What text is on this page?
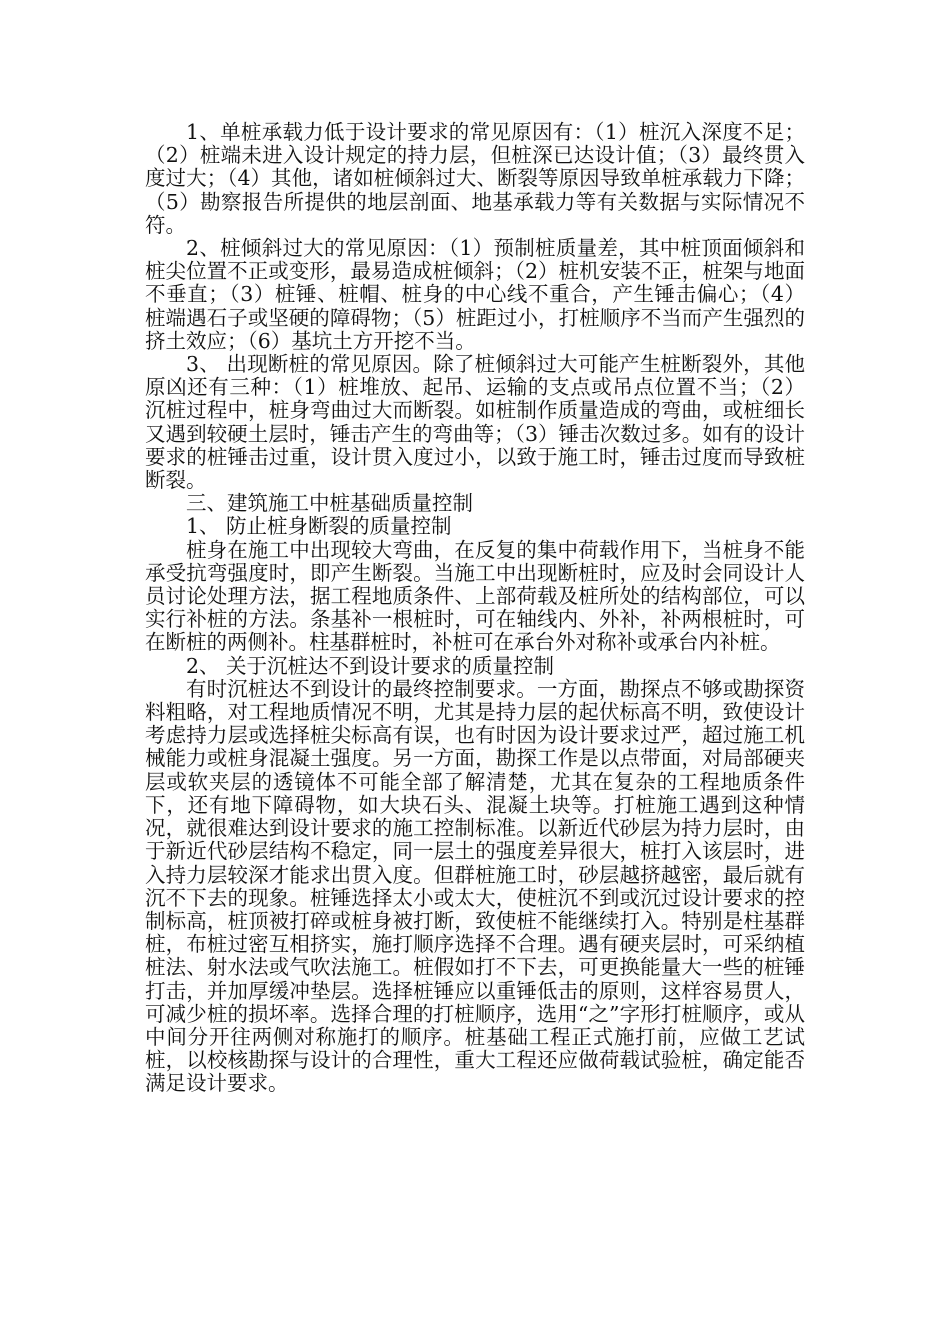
1、单桩承载力低于设计要求的常见原因有：（1）桩沉入深度不足；（2）桩端未进入设计规定的持力层，但桩深已达设计值；（3）最终贯入度过大；（4）其他，诸如桩倾斜过大、断裂等原因导致单桩承载力下降；（5）勘察报告所提供的地层剖面、地基承载力等有关数据与实际情况不符。

2、桩倾斜过大的常见原因：（1）预制桩质量差，其中桩顶面倾斜和桩尖位置不正或变形，最易造成桩倾斜；（2）桩机安装不正，桩架与地面不垂直；（3）桩锤、桩帽、桩身的中心线不重合，产生锤击偏心；（4）桩端遇石子或坚硬的障碍物；（5）桩距过小，打桩顺序不当而产生强烈的挤土效应；（6）基坑土方开挖不当。

3、 出现断桩的常见原因。除了桩倾斜过大可能产生桩断裂外，其他原凶还有三种：（1）桩堆放、起吊、运输的支点或吊点位置不当；（2）沉桩过程中，桩身弯曲过大而断裂。如桩制作质量造成的弯曲，或桩细长又遇到较硬土层时，锤击产生的弯曲等；（3）锤击次数过多。如有的设计要求的桩锤击过重，设计贯入度过小，以致于施工时，锤击过度而导致桩断裂。

三、建筑施工中桩基础质量控制

1、 防止桩身断裂的质量控制

桩身在施工中出现较大弯曲，在反复的集中荷载作用下，当桩身不能承受抗弯强度时，即产生断裂。当施工中出现断桩时，应及时会同设计人员讨论处理方法，据工程地质条件、上部荷载及桩所处的结构部位，可以实行补桩的方法。条基补一根桩时，可在轴线内、外补，补两根桩时，可在断桩的两侧补。柱基群桩时，补桩可在承台外对称补或承台内补桩。

2、 关于沉桩达不到设计要求的质量控制

有时沉桩达不到设计的最终控制要求。一方面，勘探点不够或勘探资料粗略，对工程地质情况不明，尤其是持力层的起伏标高不明，致使设计考虑持力层或选择桩尖标高有误，也有时因为设计要求过严，超过施工机械能力或桩身混凝土强度。另一方面，勘探工作是以点带面，对局部硬夹层或软夹层的透镜体不可能全部了解清楚，尤其在复杂的工程地质条件下，还有地下障碍物，如大块石头、混凝土块等。打桩施工遇到这种情况，就很难达到设计要求的施工控制标准。以新近代砂层为持力层时，由于新近代砂层结构不稳定，同一层土的强度差异很大，桩打入该层时，进入持力层较深才能求出贯入度。但群桩施工时，砂层越挤越密，最后就有沉不下去的现象。桩锤选择太小或太大，使桩沉不到或沉过设计要求的控制标高，桩顶被打碎或桩身被打断，致使桩不能继续打入。特别是柱基群桩，布桩过密互相挤实，施打顺序选择不合理。遇有硬夹层时，可采纳植桩法、射水法或气吹法施工。桩假如打不下去，可更换能量大一些的桩锤打击，并加厚缓冲垫层。选择桩锤应以重锤低击的原则，这样容易贯人，可减少桩的损坏率。选择合理的打桩顺序，选用“之”字形打桩顺序，或从中间分开往两侧对称施打的顺序。桩基础工程正式施打前，应做工艺试桩，以校核勘探与设计的合理性，重大工程还应做荷载试验桩，确定能否满足设计要求。
